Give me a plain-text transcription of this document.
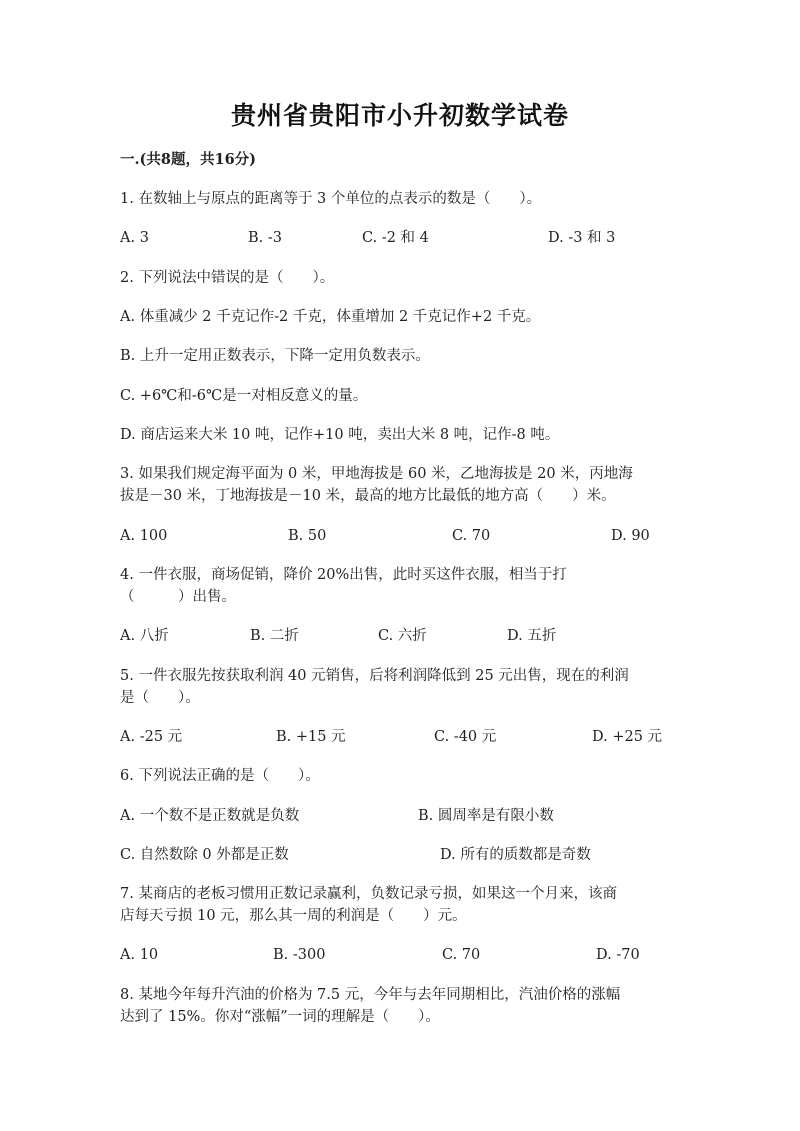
贵州省贵阳市小升初数学试卷
一.(共8题，共16分)
1. 在数轴上与原点的距离等于 3 个单位的点表示的数是（　　）。
A. 3	B. -3	C. -2 和 4	D. -3 和 3
2. 下列说法中错误的是（　　）。
A. 体重减少 2 千克记作-2 千克，体重增加 2 千克记作+2 千克。
B. 上升一定用正数表示，下降一定用负数表示。
C. +6℃和-6℃是一对相反意义的量。
D. 商店运来大米 10 吨，记作+10 吨，卖出大米 8 吨，记作-8 吨。
3. 如果我们规定海平面为 0 米，甲地海拔是 60 米，乙地海拔是 20 米，丙地海
拔是－30 米，丁地海拔是－10 米，最高的地方比最低的地方高（　　）米。
A. 100	B. 50	C. 70	D. 90
4. 一件衣服，商场促销，降价 20%出售，此时买这件衣服，相当于打
（　　　）出售。
A. 八折	B. 二折	C. 六折	D. 五折
5. 一件衣服先按获取利润 40 元销售，后将利润降低到 25 元出售，现在的利润
是（　　）。
A. -25 元	B. +15 元	C. -40 元	D. +25 元
6. 下列说法正确的是（　　）。
A. 一个数不是正数就是负数	B. 圆周率是有限小数
C. 自然数除 0 外都是正数	D. 所有的质数都是奇数
7. 某商店的老板习惯用正数记录赢利，负数记录亏损，如果这一个月来，该商
店每天亏损 10 元，那么其一周的利润是（　　）元。
A. 10	B. -300	C. 70	D. -70
8. 某地今年每升汽油的价格为 7.5 元，今年与去年同期相比，汽油价格的涨幅
达到了 15%。你对“涨幅”一词的理解是（　　）。
